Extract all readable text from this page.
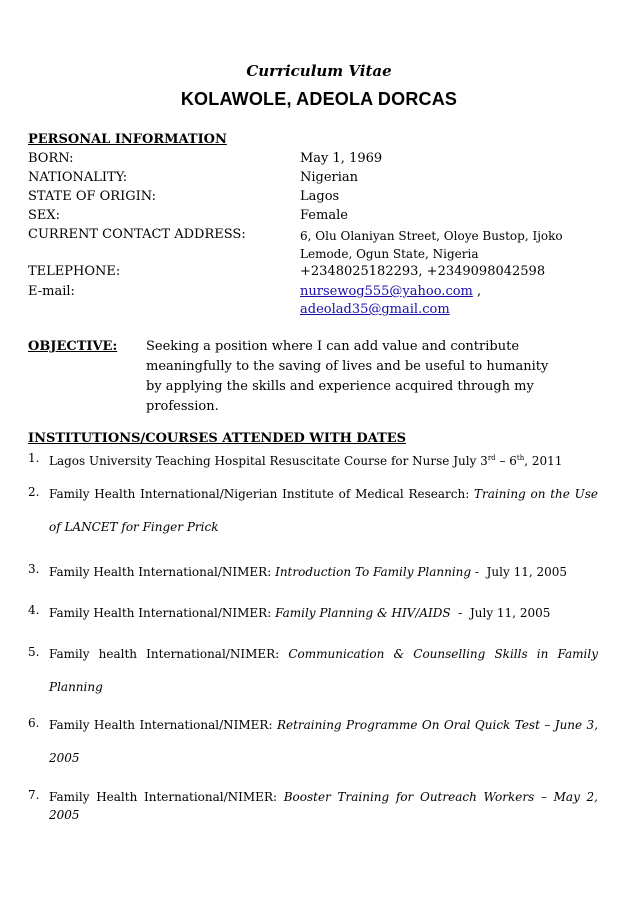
Curriculum Vitae
KOLAWOLE, ADEOLA DORCAS
PERSONAL INFORMATION
BORN:	May 1, 1969
NATIONALITY:	Nigerian
STATE OF ORIGIN:	Lagos
SEX:	Female
CURRENT CONTACT ADDRESS:	6, Olu Olaniyan Street, Oloye Bustop, Ijoko
Lemode, Ogun State, Nigeria
TELEPHONE:	+2348025182293, +2349098042598
E-mail:	nursewog555@yahoo.com ,
adeolad35@gmail.com
OBJECTIVE: Seeking a position where I can add value and contribute
meaningfully to the saving of lives and be useful to humanity
by applying the skills and experience acquired through my
profession.
INSTITUTIONS/COURSES ATTENDED WITH DATES
1. Lagos University Teaching Hospital Resuscitate Course for Nurse July 3rd – 6th, 2011
2. Family Health International/Nigerian Institute of Medical Research: Training on the Use of LANCET for Finger Prick
3. Family Health International/NIMER: Introduction To Family Planning -  July 11, 2005
4. Family Health International/NIMER: Family Planning & HIV/AIDS  -  July 11, 2005
5. Family health International/NIMER: Communication & Counselling Skills in Family Planning
6. Family Health International/NIMER: Retraining Programme On Oral Quick Test – June 3, 2005
7. Family Health International/NIMER: Booster Training for Outreach Workers – May 2, 2005
